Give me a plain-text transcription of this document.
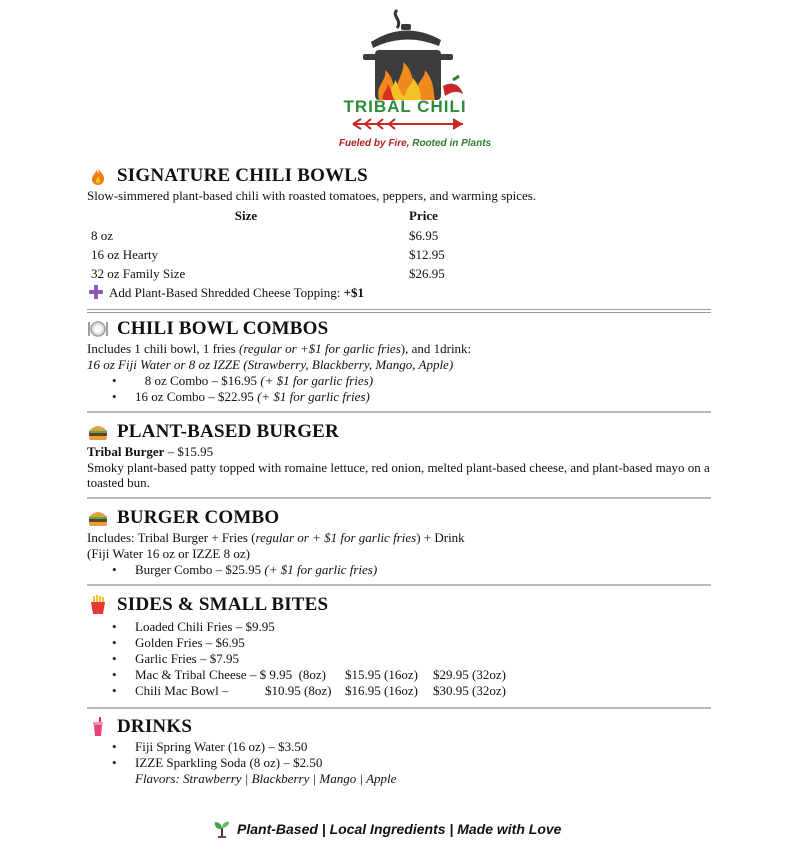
TRIBAL CHILI
Fueled by Fire, Rooted in Plants
SIGNATURE CHILI BOWLS
Slow-simmered plant-based chili with roasted tomatoes, peppers, and warming spices.
Size	Price
8 oz	$6.95
16 oz Hearty	$12.95
32 oz Family Size	$26.95
Add Plant-Based Shredded Cheese Topping: +$1
CHILI BOWL COMBOS
Includes 1 chili bowl, 1 fries (regular or +$1 for garlic fries), and 1drink:
16 oz Fiji Water or 8 oz IZZE (Strawberry, Blackberry, Mango, Apple)
•    8 oz Combo – $16.95 (+ $1 for garlic fries)
• 16 oz Combo – $22.95 (+ $1 for garlic fries)
PLANT-BASED BURGER
Tribal Burger – $15.95
Smoky plant-based patty topped with romaine lettuce, red onion, melted plant-based cheese, and plant-based mayo on a toasted bun.
BURGER COMBO
Includes: Tribal Burger + Fries (regular or + $1 for garlic fries) + Drink
(Fiji Water 16 oz or IZZE 8 oz)
• Burger Combo – $25.95 (+ $1 for garlic fries)
SIDES & SMALL BITES
• Loaded Chili Fries – $9.95
• Golden Fries – $6.95
• Garlic Fries – $7.95
• Mac & Tribal Cheese – $ 9.95  (8oz) $15.95 (16oz) $29.95 (32oz)
• Chili Mac Bowl –	$10.95 (8oz) $16.95 (16oz) $30.95 (32oz)
DRINKS
• Fiji Spring Water (16 oz) – $3.50
• IZZE Sparkling Soda (8 oz) – $2.50
Flavors: Strawberry | Blackberry | Mango | Apple
Plant-Based | Local Ingredients | Made with Love
